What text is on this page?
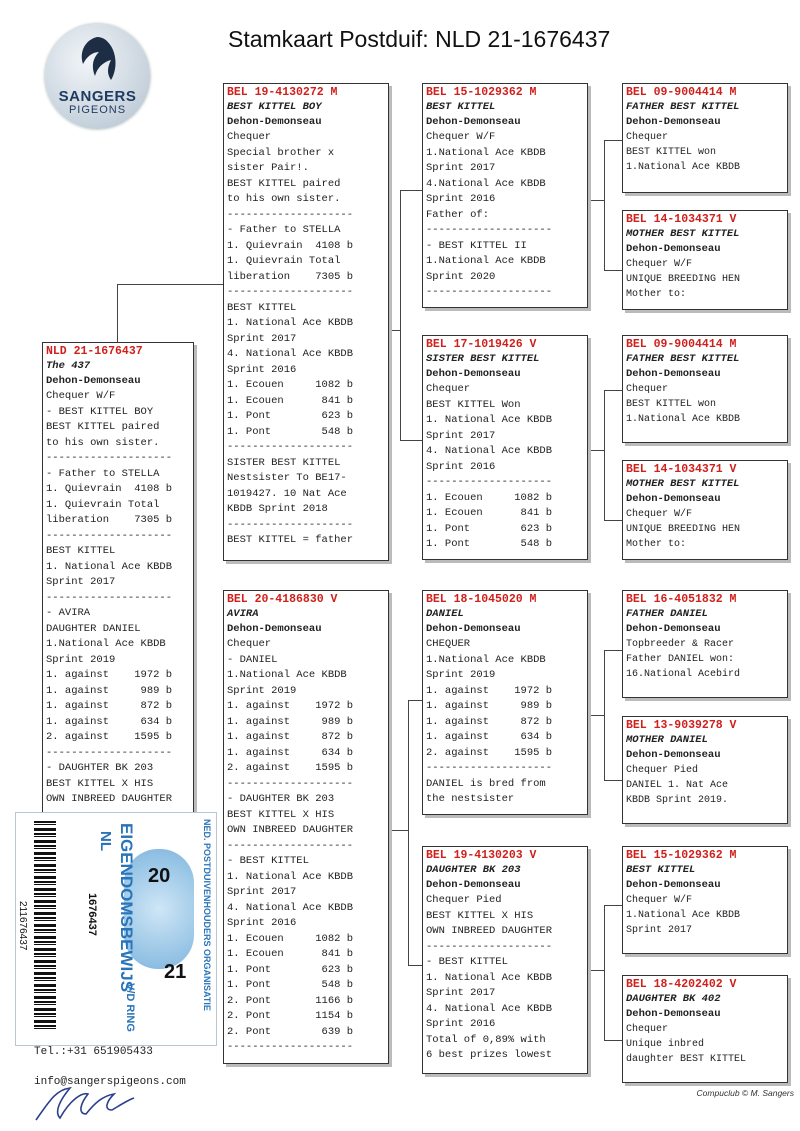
SANGERS
PIGEONS
Stamkaart Postduif: NLD 21-1676437
NLD 21-1676437
The 437
Dehon-Demonseau
Chequer W/F
- BEST KITTEL BOY
BEST KITTEL paired
to his own sister.
--------------------
- Father to STELLA
1. Quievrain  4108 b
1. Quievrain Total
liberation    7305 b
--------------------
BEST KITTEL
1. National Ace KBDB
Sprint 2017
--------------------
- AVIRA
DAUGHTER DANIEL
1.National Ace KBDB
Sprint 2019
1. against    1972 b
1. against     989 b
1. against     872 b
1. against     634 b
2. against    1595 b
--------------------
- DAUGHTER BK 203
BEST KITTEL X HIS
OWN INBREED DAUGHTER
BEL 19-4130272 M
BEST KITTEL BOY
Dehon-Demonseau
Chequer
Special brother x
sister Pair!.
BEST KITTEL paired
to his own sister.
--------------------
- Father to STELLA
1. Quievrain  4108 b
1. Quievrain Total
liberation    7305 b
--------------------
BEST KITTEL
1. National Ace KBDB
Sprint 2017
4. National Ace KBDB
Sprint 2016
1. Ecouen     1082 b
1. Ecouen      841 b
1. Pont        623 b
1. Pont        548 b
--------------------
SISTER BEST KITTEL
Nestsister To BE17-
1019427. 10 Nat Ace
KBDB Sprint 2018
--------------------
BEST KITTEL = father
BEL 20-4186830 V
AVIRA
Dehon-Demonseau
Chequer
- DANIEL
1.National Ace KBDB
Sprint 2019
1. against    1972 b
1. against     989 b
1. against     872 b
1. against     634 b
2. against    1595 b
--------------------
- DAUGHTER BK 203
BEST KITTEL X HIS
OWN INBREED DAUGHTER
--------------------
- BEST KITTEL
1. National Ace KBDB
Sprint 2017
4. National Ace KBDB
Sprint 2016
1. Ecouen     1082 b
1. Ecouen      841 b
1. Pont        623 b
1. Pont        548 b
2. Pont       1166 b
2. Pont       1154 b
2. Pont        639 b
--------------------
BEL 15-1029362 M
BEST KITTEL
Dehon-Demonseau
Chequer W/F
1.National Ace KBDB
Sprint 2017
4.National Ace KBDB
Sprint 2016
Father of:
--------------------
- BEST KITTEL II
1.National Ace KBDB
Sprint 2020
--------------------
BEL 17-1019426 V
SISTER BEST KITTEL
Dehon-Demonseau
Chequer
BEST KITTEL Won
1. National Ace KBDB
Sprint 2017
4. National Ace KBDB
Sprint 2016
--------------------
1. Ecouen     1082 b
1. Ecouen      841 b
1. Pont        623 b
1. Pont        548 b
BEL 18-1045020 M
DANIEL
Dehon-Demonseau
CHEQUER
1.National Ace KBDB
Sprint 2019
1. against    1972 b
1. against     989 b
1. against     872 b
1. against     634 b
2. against    1595 b
--------------------
DANIEL is bred from
the nestsister
BEL 19-4130203 V
DAUGHTER BK 203
Dehon-Demonseau
Chequer Pied
BEST KITTEL X HIS
OWN INBREED DAUGHTER
--------------------
- BEST KITTEL
1. National Ace KBDB
Sprint 2017
4. National Ace KBDB
Sprint 2016
Total of 0,89% with
6 best prizes lowest
BEL 09-9004414 M
FATHER BEST KITTEL
Dehon-Demonseau
Chequer
BEST KITTEL won
1.National Ace KBDB
BEL 14-1034371 V
MOTHER BEST KITTEL
Dehon-Demonseau
Chequer W/F
UNIQUE BREEDING HEN
Mother to:
BEL 09-9004414 M
FATHER BEST KITTEL
Dehon-Demonseau
Chequer
BEST KITTEL won
1.National Ace KBDB
BEL 14-1034371 V
MOTHER BEST KITTEL
Dehon-Demonseau
Chequer W/F
UNIQUE BREEDING HEN
Mother to:
BEL 16-4051832 M
FATHER DANIEL
Dehon-Demonseau
Topbreeder & Racer
Father DANIEL won:
16.National Acebird
BEL 13-9039278 V
MOTHER DANIEL
Dehon-Demonseau
Chequer Pied
DANIEL 1. Nat Ace
KBDB Sprint 2019.
BEL 15-1029362 M
BEST KITTEL
Dehon-Demonseau
Chequer W/F
1.National Ace KBDB
Sprint 2017
BEL 18-4202402 V
DAUGHTER BK 402
Dehon-Demonseau
Chequer
Unique inbred
daughter BEST KITTEL
NED. POSTDUIVENHOUDERS ORGANISATIE
EIGENDOMSBEWIJS
V/D RING
NL
1676437
211676437
20
21
Tel.:+31 651905433
info@sangerspigeons.com
Compuclub © M. Sangers
